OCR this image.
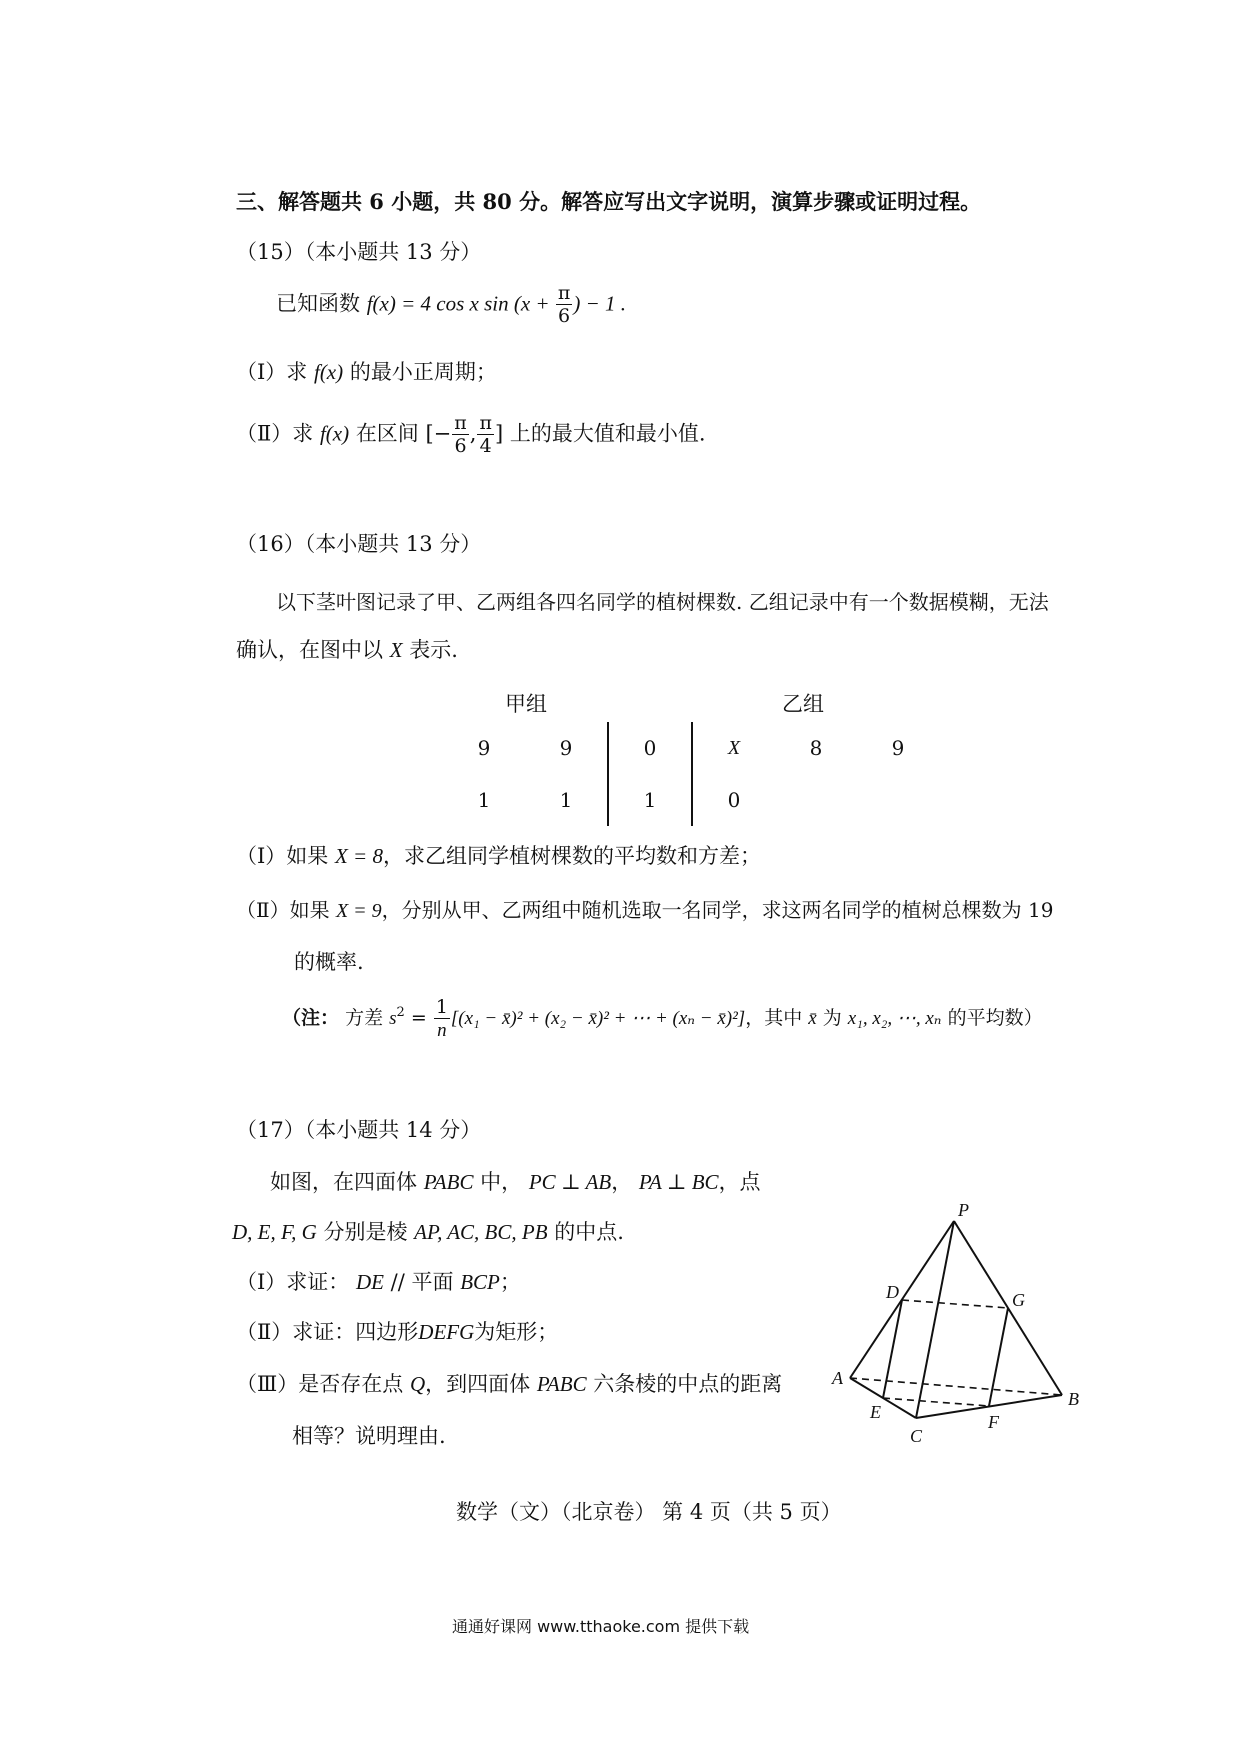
三、解答题共 6 小题，共 80 分。解答应写出文字说明，演算步骤或证明过程。
（15）（本小题共 13 分）
已知函数 f(x) = 4 cos x $\sin (x + \frac{\pi}{6}$ ) − 1 .
（Ⅰ）求 f(x) 的最小正周期；
（Ⅱ）求 f(x) 在区间 [− $\frac{\pi}{6}$ , $\frac{\pi}{4}$ ] 上的最大值和最小值.
（16）（本小题共 13 分）
以下茎叶图记录了甲、乙两组各四名同学的植树棵数. 乙组记录中有一个数据模糊，无法
确认，在图中以 X 表示.
甲组	乙组
9	9	0	X	8	9
1	1	1	0		
（Ⅰ）如果 X = 8，求乙组同学植树棵数的平均数和方差；
（Ⅱ）如果 X = 9，分别从甲、乙两组中随机选取一名同学，求这两名同学的植树总棵数为 19
的概率.
（注： 方差 $s^2 = \frac{1}{n} [(x_1$ − x̄)² + (x₂ − x̄)² + ⋯ + (xₙ − x̄)²]，其中 x̄ 为 x₁, x₂, ⋯, xₙ 的平均数）
（17）（本小题共 14 分）
如图，在四面体 PABC 中， PC ⊥ AB， PA ⊥ BC，点
D, E, F, G 分别是棱 AP, AC, BC, PB 的中点.
（Ⅰ）求证： DE // 平面 BCP；
（Ⅱ）求证：四边形DEFG为矩形；
（Ⅲ）是否存在点 Q，到四面体 PABC 六条棱的中点的距离
相等？说明理由.
P
D	G
A
B
E	F
C
数学（文）（北京卷） 第 4 页（共 5 页）
通通好课网 www.tthaoke.com 提供下载
